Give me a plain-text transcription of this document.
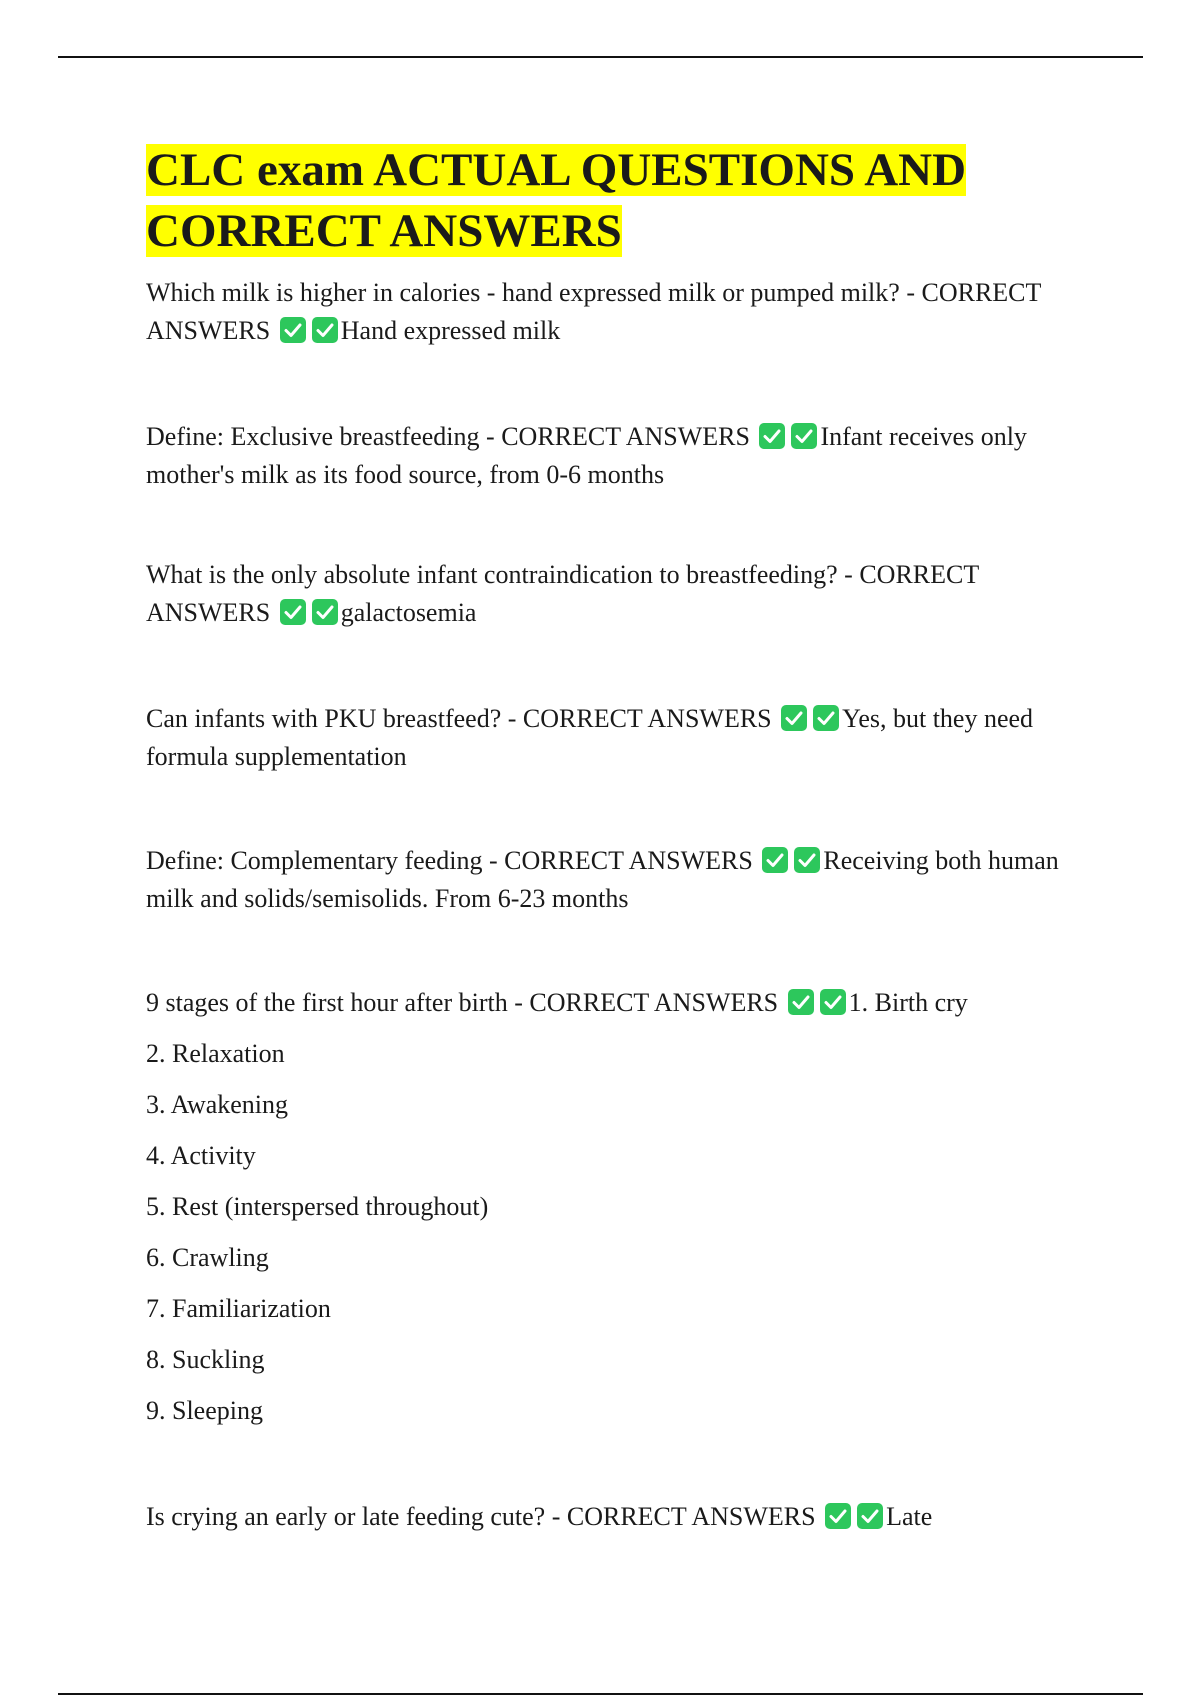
CLC exam ACTUAL QUESTIONS AND
CORRECT ANSWERS

Which milk is higher in calories - hand expressed milk or pumped milk? - CORRECT ANSWERS	Hand expressed milk

Define: Exclusive breastfeeding - CORRECT ANSWERS	Infant receives only mother's milk as its food source, from 0-6 months

What is the only absolute infant contraindication to breastfeeding? - CORRECT ANSWERS	galactosemia

Can infants with PKU breastfeed? - CORRECT ANSWERS	Yes, but they need formula supplementation

Define: Complementary feeding - CORRECT ANSWERS	Receiving both human milk and solids/semisolids. From 6-23 months

9 stages of the first hour after birth - CORRECT ANSWERS	1. Birth cry

2. Relaxation
3. Awakening
4. Activity
5. Rest (interspersed throughout)
6. Crawling
7. Familiarization
8. Suckling
9. Sleeping

Is crying an early or late feeding cute? - CORRECT ANSWERS	Late
